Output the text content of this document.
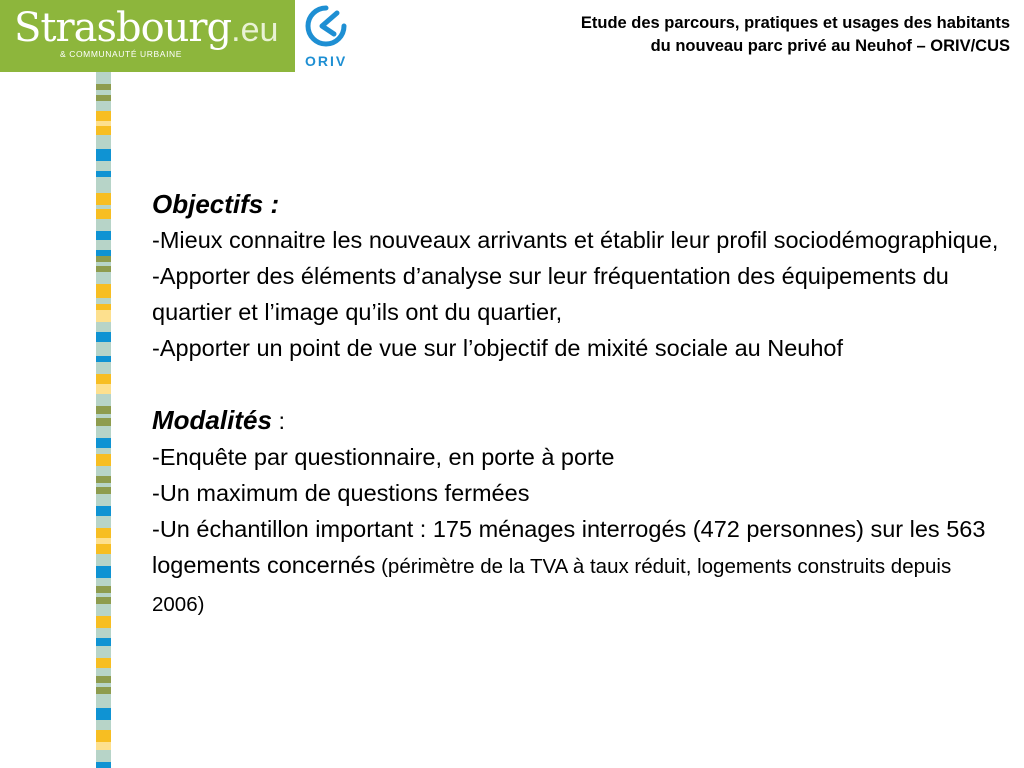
Strasbourg.eu
& COMMUNAUTÉ URBAINE	ORIV
Etude des parcours, pratiques et usages des habitants
du nouveau parc privé au Neuhof – ORIV/CUS
Objectifs :
-Mieux connaitre les nouveaux arrivants et établir leur profil sociodémographique,
-Apporter des éléments d’analyse sur leur fréquentation des équipements du quartier et l’image qu’ils ont du quartier,
-Apporter un point de vue sur l’objectif de mixité sociale au Neuhof
Modalités :
-Enquête par questionnaire, en porte à porte
-Un maximum de questions fermées
-Un échantillon important : 175 ménages interrogés (472 personnes) sur les 563 logements concernés (périmètre de la TVA à taux réduit, logements construits depuis 2006)
